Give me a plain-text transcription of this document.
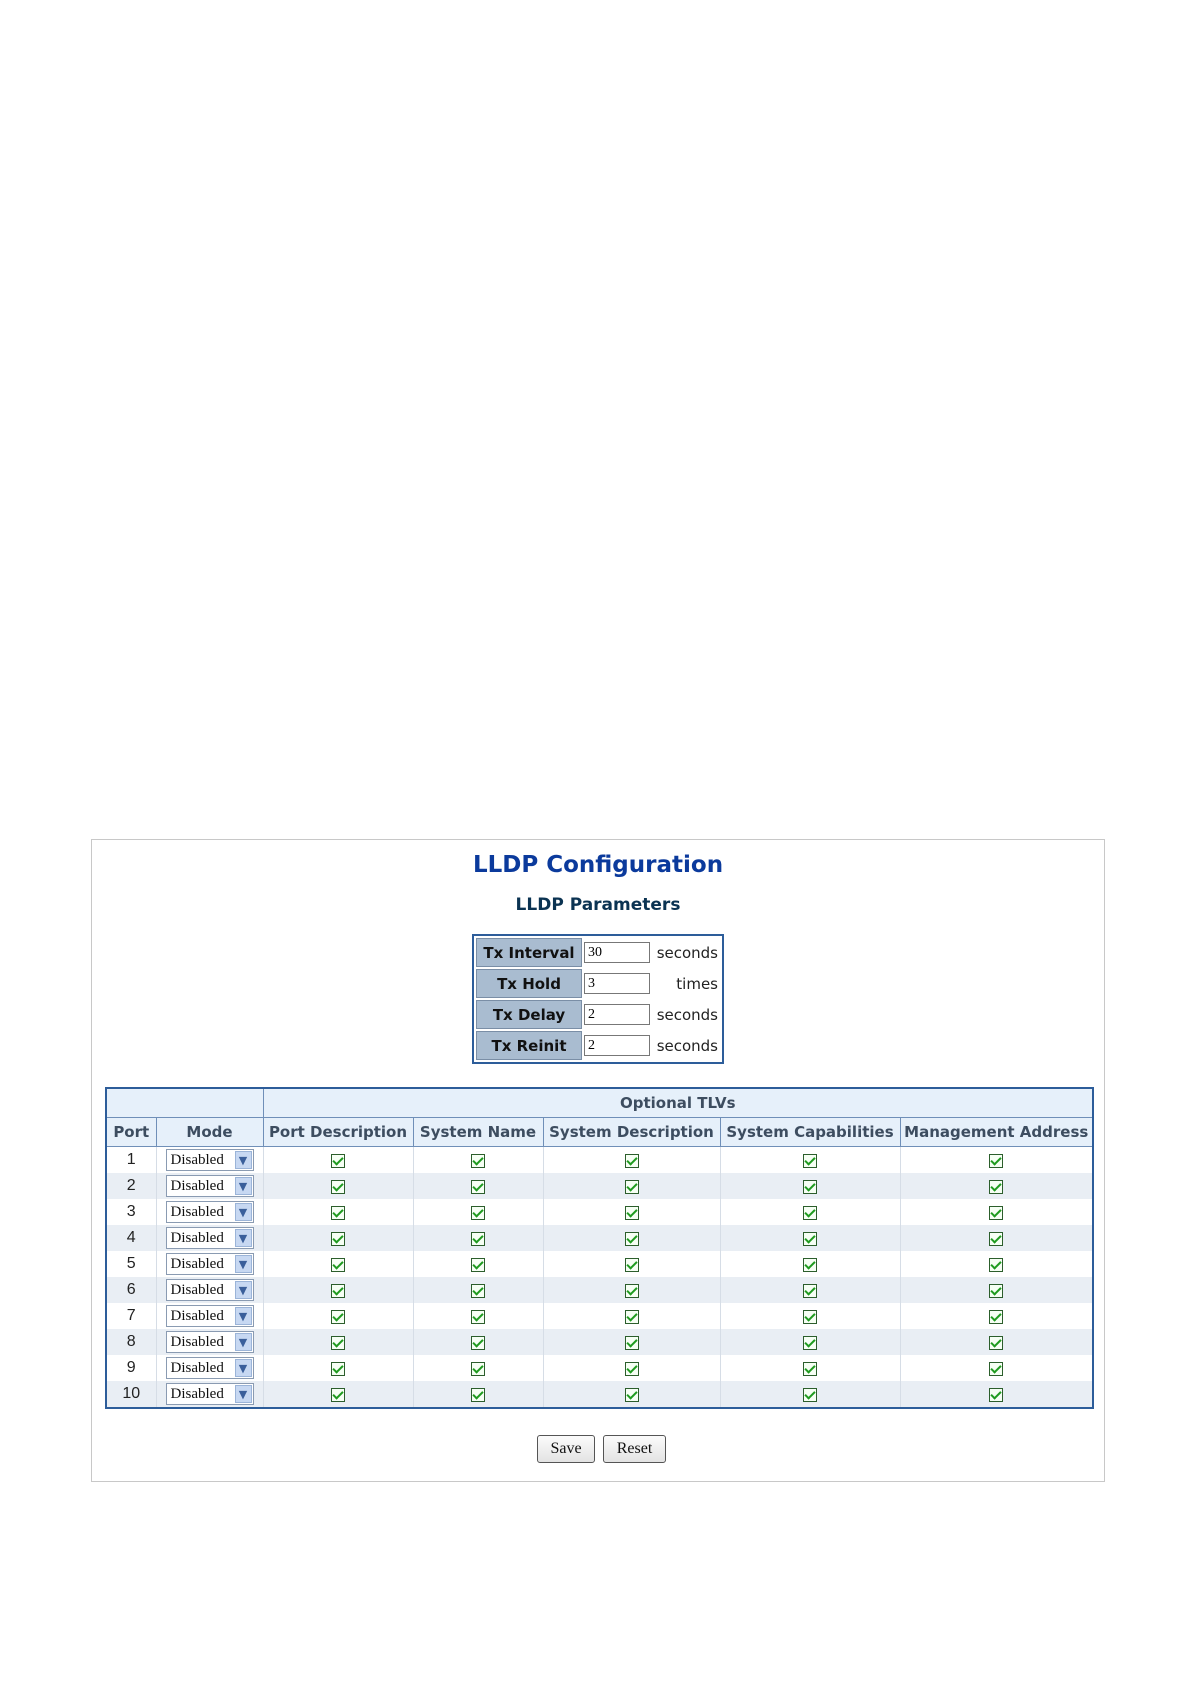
LLDP Configuration
LLDP Parameters
Tx Interval	30	seconds
Tx Hold	3	times
Tx Delay	2	seconds
Tx Reinit	2	seconds
		Optional TLVs				
Port	Mode	Port Description	System Name	System Description	System Capabilities	Management Address
1	Disabled ▼					

2	Disabled ▼					

3	Disabled ▼					

4	Disabled ▼					

5	Disabled ▼					

6	Disabled ▼					

7	Disabled ▼					

8	Disabled ▼					

9	Disabled ▼					

10	Disabled ▼					

Save	Reset
